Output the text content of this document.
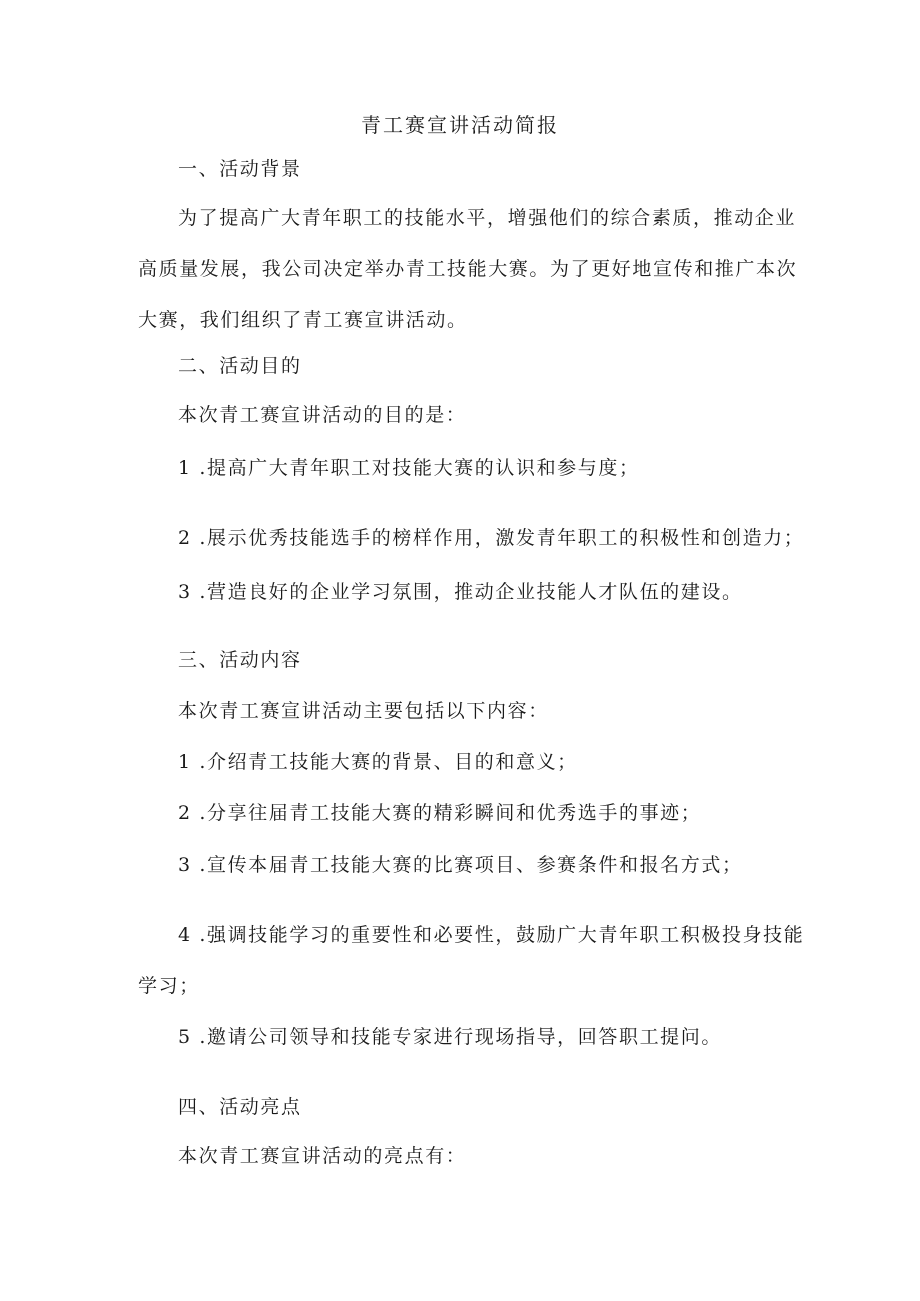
青工赛宣讲活动简报
一、活动背景
为了提高广大青年职工的技能水平，增强他们的综合素质，推动企业
高质量发展，我公司决定举办青工技能大赛。为了更好地宣传和推广本次
大赛，我们组织了青工赛宣讲活动。
二、活动目的
本次青工赛宣讲活动的目的是：
1 .提高广大青年职工对技能大赛的认识和参与度；
2 .展示优秀技能选手的榜样作用，激发青年职工的积极性和创造力；
3 .营造良好的企业学习氛围，推动企业技能人才队伍的建设。
三、活动内容
本次青工赛宣讲活动主要包括以下内容：
1 .介绍青工技能大赛的背景、目的和意义；
2 .分享往届青工技能大赛的精彩瞬间和优秀选手的事迹；
3 .宣传本届青工技能大赛的比赛项目、参赛条件和报名方式；
4 .强调技能学习的重要性和必要性，鼓励广大青年职工积极投身技能
学习；
5 .邀请公司领导和技能专家进行现场指导，回答职工提问。
四、活动亮点
本次青工赛宣讲活动的亮点有：
